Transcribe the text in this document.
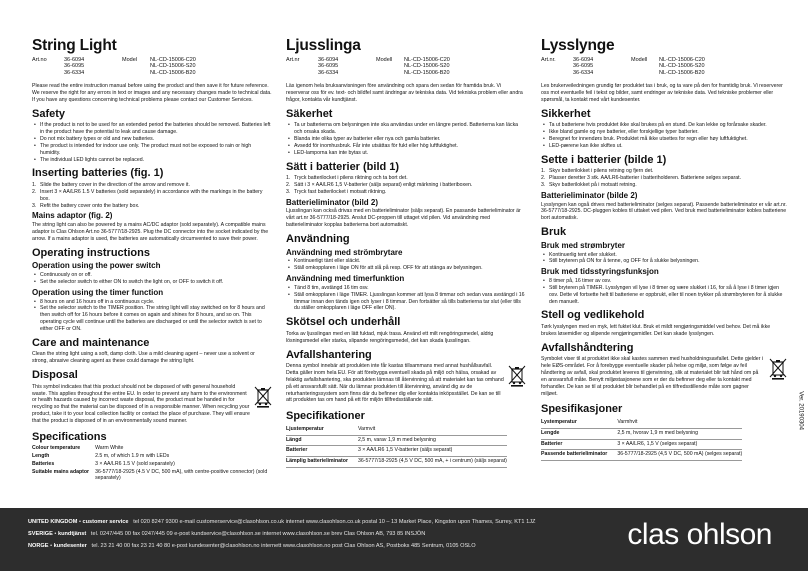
String Light
Art.no	36-6094	Model	NL-CD-15006-C20
36-6095	NL-CD-15006-S20
36-6334	NL-CD-15006-B20

Please read the entire instruction manual before using the product and then save it for future reference. We reserve the right for any errors in text or images and any necessary changes made to technical data. If you have any questions concerning technical problems please contact our Customer Services.

Safety
• If the product is not to be used for an extended period the batteries should be removed. Batteries left in the product have the potential to leak and cause damage.
• Do not mix battery types or old and new batteries.
• The product is intended for indoor use only. The product must not be exposed to rain or high humidity.
• The individual LED lights cannot be replaced.
Inserting batteries (fig. 1)
1. Slide the battery cover in the direction of the arrow and remove it.
2. Insert 3 × AA/LR6 1.5 V batteries (sold separately) in accordance with the markings in the battery box.
3. Refit the battery cover onto the battery box.
Mains adaptor (fig. 2)

The string light can also be powered by a mains AC/DC adaptor (sold separately). A compatible mains adaptor is Clas Ohlson Art.no 36-5777/18-2925. Plug the DC connector into the socket indicated by the arrow. If a mains adaptor is used, the batteries are automatically circumvented to save their power.

Operating instructions
Operation using the power switch
• Continuously on or off.
• Set the selector switch to either ON to switch the light on, or OFF to switch it off.
Operation using the timer function
• 8 hours on and 16 hours off in a continuous cycle.
• Set the selector switch to the TIMER position. The string light will stay switched on for 8 hours and then switch off for 16 hours before it comes on again and shines for 8 hours, and so on. This operating cycle will continue until the batteries are discharged or until the selector switch is set to either OFF or ON.
Care and maintenance

Clean the string light using a soft, damp cloth. Use a mild cleaning agent – never use a solvent or strong, abrasive cleaning agent as these could damage the string light.

Disposal

This symbol indicates that this product should not be disposed of with general household waste. This applies throughout the entire EU. In order to prevent any harm to the environment or health hazards caused by incorrect waste disposal, the product must be handed in for recycling so that the material can be disposed of in a responsible manner. When recycling your product, take it to your local collection facility or contact the place of purchase. They will ensure that the product is disposed of in an environmentally sound manner.

Specifications
Colour temperature	Warm White
Length	2.5 m, of which 1.9 m with LEDs
Batteries	3 × AA/LR6 1.5 V (sold separately)
Suitable mains adaptor	36-5777/18-2925 (4.5 V DC, 500 mA), with centre-positive connector) (sold separately)
Ljusslinga
Art.nr	36-6094	Modell	NL-CD-15006-C20
36-6095	NL-CD-15006-S20
36-6334	NL-CD-15006-B20

Läs igenom hela bruksanvisningen före användning och spara den sedan för framtida bruk. Vi reserverar oss för ev. text- och bildfel samt ändringar av tekniska data. Vid tekniska problem eller andra frågor, kontakta vår kundtjänst.

Säkerhet
• Ta ur batterierna om belysningen inte ska användas under en längre period. Batterierna kan läcka och orsaka skada.
• Blanda inte olika typer av batterier eller nya och gamla batterier.
• Avsedd för inomhusbruk. Får inte utsättas för fukt eller hög luftfuktighet.
• LED-lamporna kan inte bytas ut.
Sätt i batterier (bild 1)
1. Tryck batterilocket i pilens riktning och ta bort det.
2. Sätt i 3 × AA/LR6 1,5 V-batterier (säljs separat) enligt märkning i batteriboxen.
3. Tryck fast batterilocket i motsatt riktning.
Batterieliminator (bild 2)

Ljusslingan kan också drivas med en batterieliminator (säljs separat). En passande batterieliminator är vårt art.nr 36-5777/18-2925. Anslut DC-proppen till uttaget vid pilen. Vid användning med batterieliminator kopplas batterierna bort automatiskt.

Användning
Användning med strömbrytare
• Kontinuerligt tänt eller släckt.
• Ställ omkopplaren i läge ON för att slå på resp. OFF för att stänga av belysningen.
Användning med timerfunktion
• Tänd 8 tim, avstängd 16 tim osv.
• Ställ omkopplaren i läge TIMER. Ljusslingan kommer att lysa 8 timmar och sedan vara avstängd i 16 timmar innan den tänds igen och lyser i 8 timmar. Den fortsätter så tills batterierna tar slut (eller tills du ställer omkopplaren i läge OFF eller ON).
Skötsel och underhåll

Torka av ljusslingan med en lätt fuktad, mjuk trasa. Använd ett milt rengöringsmedel, aldrig lösningsmedel eller starka, slipande rengöringsmedel, det kan skada ljusslingan.

Avfallshantering

Denna symbol innebär att produkten inte får kastas tillsammans med annat hushållsavfall. Detta gäller inom hela EU. För att förebygga eventuell skada på miljö och hälsa, orsakad av felaktig avfallshantering, ska produkten lämnas till återvinning så att materialet kan tas omhand på ett ansvarsfullt sätt. När du lämnar produkten till återvinning, använd dig av de returhanteringssystem som finns där du befinner dig eller kontakta inköpsstället. De kan se till att produkten tas om hand på ett för miljön tillfredsställande sätt.

Specifikationer
Ljustemperatur	Varmvit
Längd	2,5 m, varav 1,9 m med belysning
Batterier	3 × AA/LR6 1,5 V-batterier (säljs separat)
Lämplig batterieliminator	36-5777/18-2925 (4,5 V DC, 500 mA, + i centrum) (säljs separat)
Lysslynge
Art.nr.	36-6094	Modell	NL-CD-15006-C20
36-6095	NL-CD-15006-S20
36-6334	NL-CD-15006-B20

Les brukerveiledningen grundig før produktet tas i bruk, og ta vare på den for framtidig bruk. Vi reserverer oss mot eventuelle feil i tekst og bilder, samt endringer av tekniske data. Ved tekniske problemer eller spørsmål, ta kontakt med vårt kundesenter.

Sikkerhet
• Ta ut batteriene hvis produktet ikke skal brukes på en stund. De kan lekke og forårsake skader.
• Ikke bland gamle og nye batterier, eller forskjellige typer batterier.
• Beregnet for innendørs bruk. Produktet må ikke utsettes for regn eller høy luftfuktighet.
• LED-pærene kan ikke skiftes ut.
Sette i batterier (bilde 1)
1. Skyv batterilokket i pilens retning og fjern det.
2. Plasser deretter 3 stk. AA/LR6-batterier i batteriholderen. Batteriene selges separat.
3. Skyv batterilokket på i motsatt retning.
Batterieliminator (bilde 2)

Lysslyngen kan også drives med batterieliminator (selges separat). Passende batterieliminator er vår art.nr. 36-5777/18-2925. DC-pluggen kobles til uttaket ved pilen. Ved bruk med batterieliminator kobles batteriene bort automatisk.

Bruk
Bruk med strømbryter
• Kontinuerlig tent eller slukket.
• Still bryteren på ON for å tenne, og OFF for å slukke belysningen.
Bruk med tidsstyringsfunksjon
• 8 timer på, 16 timer av osv.
• Still bryteren på TIMER. Lysslyngen vil lyse i 8 timer og være slukket i 16, for så å lyse i 8 timer igjen osv. Dette vil fortsette helt til batteriene er oppbrukt, eller til noen trykker på strømbryteren for å slukke den manuelt.
Stell og vedlikehold

Tørk lysslyngen med en myk, lett fuktet klut. Bruk et mildt rengjøringsmiddel ved behov. Det må ikke brukes løsemidler og slipende rengjøringsmidler. Det kan skade lysslyngen.

Avfallshåndtering

Symbolet viser til at produktet ikke skal kastes sammen med husholdningsavfallet. Dette gjelder i hele EØS-området. For å forebygge eventuelle skader på helse og miljø, som følge av feil håndtering av avfall, skal produktet leveres til gjenvinning, slik at materialet blir tatt hånd om på en ansvarsfull måte. Benytt miljøstasjonene som er der du befinner deg eller ta kontakt med forhandler. De kan se til at produktet blir behandlet på en tilfredsstillende måte som gagner miljøet.

Spesifikasjoner
Lystemperatur	Varmhvit
Lengde	2,5 m, hvorav 1,9 m med belysning
Batterier	3 × AA/LR6, 1,5 V (selges separat)
Passende batterieliminator	36-5777/18-2925 (4,5 V DC, 500 mA) (selges separat)
Ver. 20190304
UNITED KINGDOM • customer service tel 020 8247 9300 e-mail customerservice@clasohlson.co.uk internet www.clasohlson.co.uk postal 10 – 13 Market Place, Kingston upon Thames, Surrey, KT1 1JZ
SVERIGE • kundtjänst tel. 0247/445 00 fax 0247/445 09 e-post kundservice@clasohlson.se internet www.clasohlson.se brev Clas Ohlson AB, 793 85 INSJÖN
NORGE • kundesenter tel. 23 21 40 00 fax 23 21 40 80 e-post kundesenter@clasohlson.no internett www.clasohlson.no post Clas Ohlson AS, Postboks 485 Sentrum, 0105 OSLO	clas ohlson
